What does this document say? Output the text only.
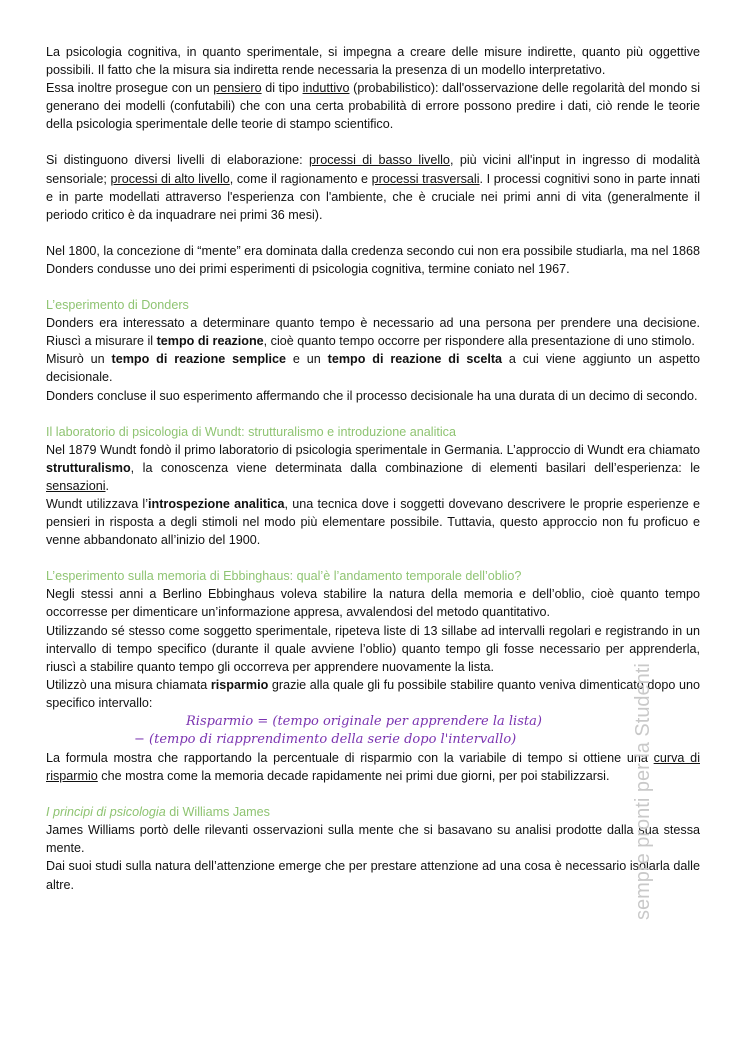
La psicologia cognitiva, in quanto sperimentale, si impegna a creare delle misure indirette, quanto più oggettive possibili. Il fatto che la misura sia indiretta rende necessaria la presenza di un modello interpretativo.

Essa inoltre prosegue con un pensiero di tipo induttivo (probabilistico): dall'osservazione delle regolarità del mondo si generano dei modelli (confutabili) che con una certa probabilità di errore possono predire i dati, ciò rende le teorie della psicologia sperimentale delle teorie di stampo scientifico.

Si distinguono diversi livelli di elaborazione: processi di basso livello, più vicini all'input in ingresso di modalità sensoriale; processi di alto livello, come il ragionamento e processi trasversali. I processi cognitivi sono in parte innati e in parte modellati attraverso l'esperienza con l'ambiente, che è cruciale nei primi anni di vita (generalmente il periodo critico è da inquadrare nei primi 36 mesi).

Nel 1800, la concezione di “mente” era dominata dalla credenza secondo cui non era possibile studiarla, ma nel 1868 Donders condusse uno dei primi esperimenti di psicologia cognitiva, termine coniato nel 1967.

L’esperimento di Donders

Donders era interessato a determinare quanto tempo è necessario ad una persona per prendere una decisione. Riuscì a misurare il tempo di reazione, cioè quanto tempo occorre per rispondere alla presentazione di uno stimolo.

Misurò un tempo di reazione semplice e un tempo di reazione di scelta a cui viene aggiunto un aspetto decisionale.

Donders concluse il suo esperimento affermando che il processo decisionale ha una durata di un decimo di secondo.

Il laboratorio di psicologia di Wundt: strutturalismo e introduzione analitica

Nel 1879 Wundt fondò il primo laboratorio di psicologia sperimentale in Germania. L’approccio di Wundt era chiamato strutturalismo, la conoscenza viene determinata dalla combinazione di elementi basilari dell’esperienza: le sensazioni.

Wundt utilizzava l’introspezione analitica, una tecnica dove i soggetti dovevano descrivere le proprie esperienze e pensieri in risposta a degli stimoli nel modo più elementare possibile. Tuttavia, questo approccio non fu proficuo e venne abbandonato all’inizio del 1900.

L’esperimento sulla memoria di Ebbinghaus: qual’è l’andamento temporale dell’oblio?

Negli stessi anni a Berlino Ebbinghaus voleva stabilire la natura della memoria e dell’oblio, cioè quanto tempo occorresse per dimenticare un’informazione appresa, avvalendosi del metodo quantitativo.

Utilizzando sé stesso come soggetto sperimentale, ripeteva liste di 13 sillabe ad intervalli regolari e registrando in un intervallo di tempo specifico (durante il quale avviene l’oblio) quanto tempo gli fosse necessario per apprenderla, riuscì a stabilire quanto tempo gli occorreva per apprendere nuovamente la lista.

Utilizzò una misura chiamata risparmio grazie alla quale gli fu possibile stabilire quanto veniva dimenticato dopo uno specifico intervallo:

Risparmio = (tempo originale per apprendere la lista)
− (tempo di riapprendimento della serie dopo l'intervallo)

La formula mostra che rapportando la percentuale di risparmio con la variabile di tempo si ottiene una curva di risparmio che mostra come la memoria decade rapidamente nei primi due giorni, per poi stabilizzarsi.

I principi di psicologia di Williams James

James Williams portò delle rilevanti osservazioni sulla mente che si basavano su analisi prodotte dalla sua stessa mente.

Dai suoi studi sulla natura dell’attenzione emerge che per prestare attenzione ad una cosa è necessario isolarla dalle altre.	sempre pronti per la Studenti
